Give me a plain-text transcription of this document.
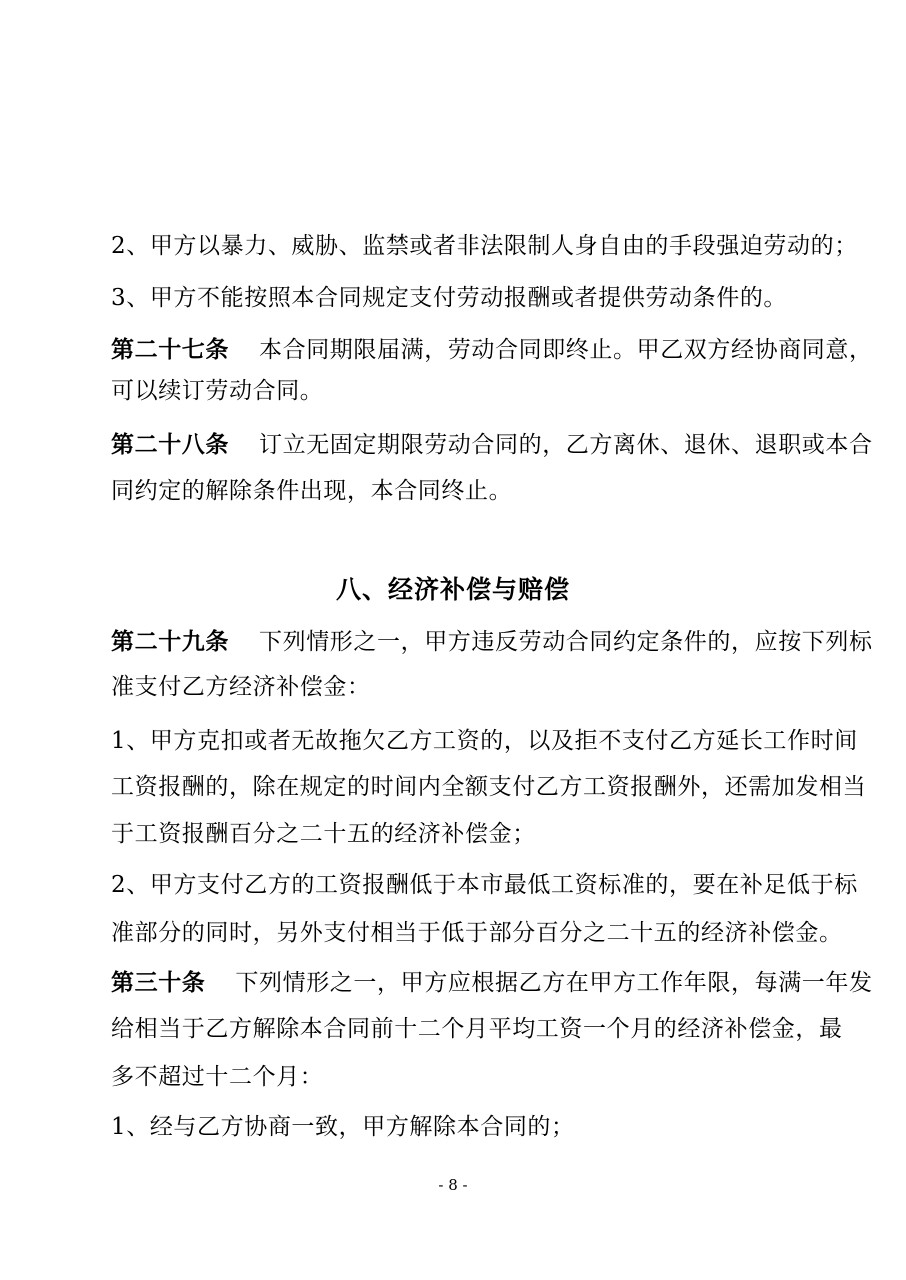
2、甲方以暴力、威胁、监禁或者非法限制人身自由的手段强迫劳动的；
3、甲方不能按照本合同规定支付劳动报酬或者提供劳动条件的。
第二十七条 本合同期限届满，劳动合同即终止。甲乙双方经协商同意，
可以续订劳动合同。
第二十八条 订立无固定期限劳动合同的，乙方离休、退休、退职或本合
同约定的解除条件出现，本合同终止。
八、经济补偿与赔偿
第二十九条 下列情形之一，甲方违反劳动合同约定条件的，应按下列标
准支付乙方经济补偿金：
1、甲方克扣或者无故拖欠乙方工资的，以及拒不支付乙方延长工作时间
工资报酬的，除在规定的时间内全额支付乙方工资报酬外，还需加发相当
于工资报酬百分之二十五的经济补偿金；
2、甲方支付乙方的工资报酬低于本市最低工资标准的，要在补足低于标
准部分的同时，另外支付相当于低于部分百分之二十五的经济补偿金。
第三十条 下列情形之一，甲方应根据乙方在甲方工作年限，每满一年发
给相当于乙方解除本合同前十二个月平均工资一个月的经济补偿金，最
多不超过十二个月：
1、经与乙方协商一致，甲方解除本合同的；
- 8 -
